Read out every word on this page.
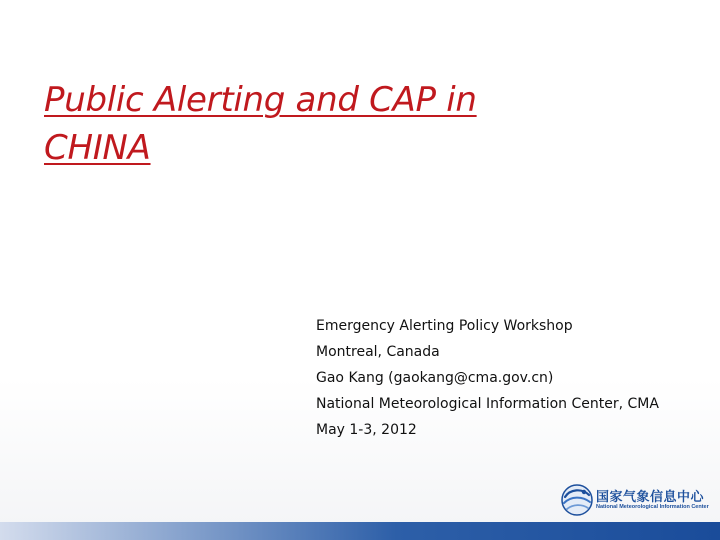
Public Alerting and CAP in CHINA
Emergency Alerting Policy Workshop
Montreal, Canada
Gao Kang (gaokang@cma.gov.cn)
National Meteorological Information Center, CMA
May 1-3, 2012
国家气象信息中心
National Meteorological Information Center
